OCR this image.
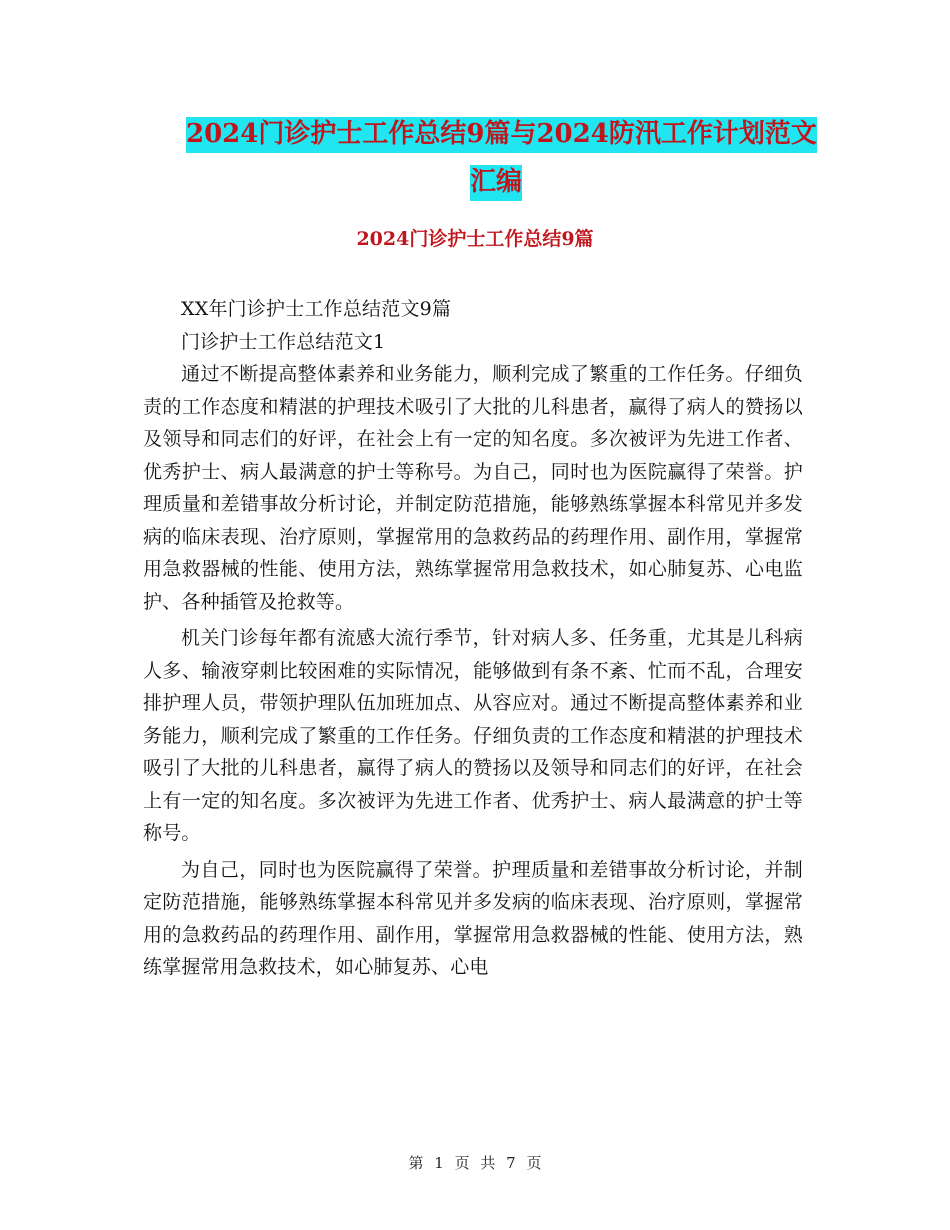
2024门诊护士工作总结9篇与2024防汛工作计划范文
汇编
2024门诊护士工作总结9篇

XX年门诊护士工作总结范文9篇

门诊护士工作总结范文1

通过不断提高整体素养和业务能力，顺利完成了繁重的工作任务。仔细负责的工作态度和精湛的护理技术吸引了大批的儿科患者，赢得了病人的赞扬以及领导和同志们的好评，在社会上有一定的知名度。多次被评为先进工作者、优秀护士、病人最满意的护士等称号。为自己，同时也为医院赢得了荣誉。护理质量和差错事故分析讨论，并制定防范措施，能够熟练掌握本科常见并多发病的临床表现、治疗原则，掌握常用的急救药品的药理作用、副作用，掌握常用急救器械的性能、使用方法，熟练掌握常用急救技术，如心肺复苏、心电监护、各种插管及抢救等。

机关门诊每年都有流感大流行季节，针对病人多、任务重，尤其是儿科病人多、输液穿刺比较困难的实际情况，能够做到有条不紊、忙而不乱，合理安排护理人员，带领护理队伍加班加点、从容应对。通过不断提高整体素养和业务能力，顺利完成了繁重的工作任务。仔细负责的工作态度和精湛的护理技术吸引了大批的儿科患者，赢得了病人的赞扬以及领导和同志们的好评，在社会上有一定的知名度。多次被评为先进工作者、优秀护士、病人最满意的护士等称号。

为自己，同时也为医院赢得了荣誉。护理质量和差错事故分析讨论，并制定防范措施，能够熟练掌握本科常见并多发病的临床表现、治疗原则，掌握常用的急救药品的药理作用、副作用，掌握常用急救器械的性能、使用方法，熟练掌握常用急救技术，如心肺复苏、心电

第 1 页 共 7 页
